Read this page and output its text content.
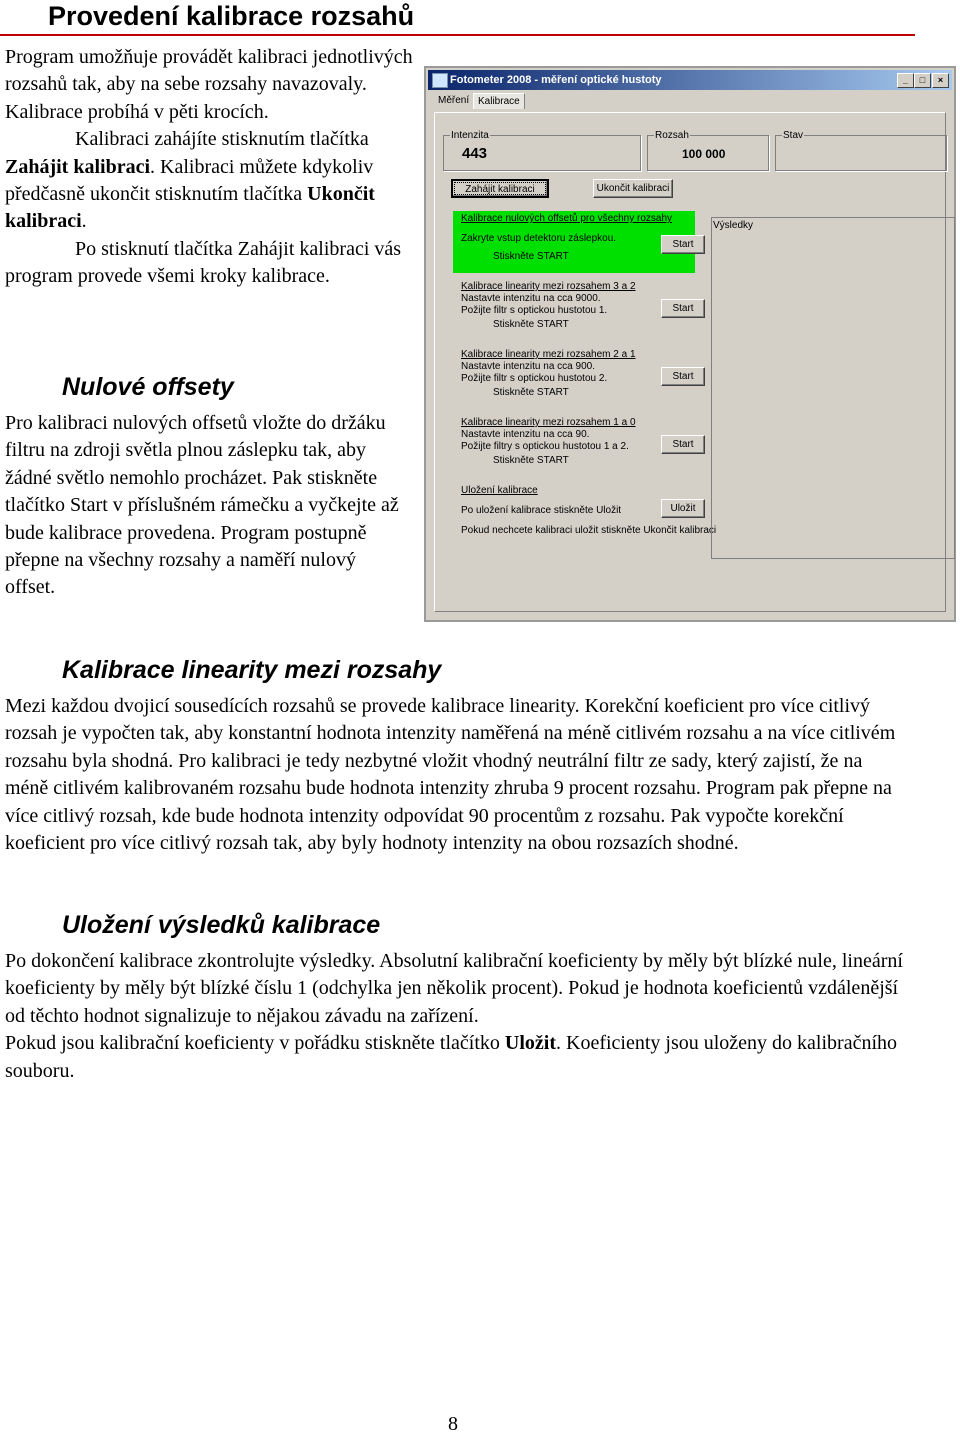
Provedení kalibrace rozsahů
Program umožňuje provádět kalibraci jednotlivých rozsahů tak, aby na sebe rozsahy navazovaly. Kalibrace probíhá v pěti krocích.
Kalibraci zahájíte stisknutím tlačítka Zahájit kalibraci. Kalibraci můžete kdykoliv předčasně ukončit stisknutím tlačítka Ukončit kalibraci.
Po stisknutí tlačítka Zahájit kalibraci vás program provede všemi kroky kalibrace.
Nulové offsety
Pro kalibraci nulových offsetů vložte do držáku filtru na zdroji světla plnou záslepku tak, aby žádné světlo nemohlo procházet. Pak stiskněte tlačítko Start v příslušném rámečku a vyčkejte až bude kalibrace provedena. Program postupně přepne na všechny rozsahy a naměří nulový offset.
Kalibrace linearity mezi rozsahy
Mezi každou dvojicí sousedících rozsahů se provede kalibrace linearity. Korekční koeficient pro více citlivý rozsah je vypočten tak, aby konstantní hodnota intenzity naměřená na méně citlivém rozsahu a na více citlivém rozsahu byla shodná. Pro kalibraci je tedy nezbytné vložit vhodný neutrální filtr ze sady, který zajistí, že na méně citlivém kalibrovaném rozsahu bude hodnota intenzity zhruba 9 procent rozsahu. Program pak přepne na více citlivý rozsah, kde bude hodnota intenzity odpovídat 90 procentům z rozsahu. Pak vypočte korekční koeficient pro více citlivý rozsah tak, aby byly hodnoty intenzity na obou rozsazích shodné.
Uložení výsledků kalibrace
Po dokončení kalibrace zkontrolujte výsledky. Absolutní kalibrační koeficienty by měly být blízké nule, lineární koeficienty by měly být blízké číslu 1 (odchylka jen několik procent). Pokud je hodnota koeficientů vzdálenější od těchto hodnot signalizuje to nějakou závadu na zařízení.
Pokud jsou kalibrační koeficienty v pořádku stiskněte tlačítko Uložit. Koeficienty jsou uloženy do kalibračního souboru.
8
Fotometer 2008 - měření optické hustoty	_	□	×
Měření Kalibrace
Intenzita
443
Rozsah
100 000
Stav
Zahájit kalibraci	Ukončit kalibraci
Kalibrace nulových offsetů pro všechny rozsahy
Zakryte vstup detektoru záslepkou.
Stiskněte START
Start
Kalibrace linearity mezi rozsahem 3 a 2
Nastavte intenzitu na cca 9000.
Požijte filtr s optickou hustotou 1.
Stiskněte START
Start
Kalibrace linearity mezi rozsahem 2 a 1
Nastavte intenzitu na cca 900.
Požijte filtr s optickou hustotou 2.
Stiskněte START
Start
Kalibrace linearity mezi rozsahem 1 a 0
Nastavte intenzitu na cca 90.
Požijte filtry s optickou hustotou 1 a 2.
Stiskněte START
Start
Uložení kalibrace
Po uložení kalibrace stiskněte Uložit
Pokud nechcete kalibraci uložit stiskněte Ukončit kalibraci
Uložit
Výsledky
